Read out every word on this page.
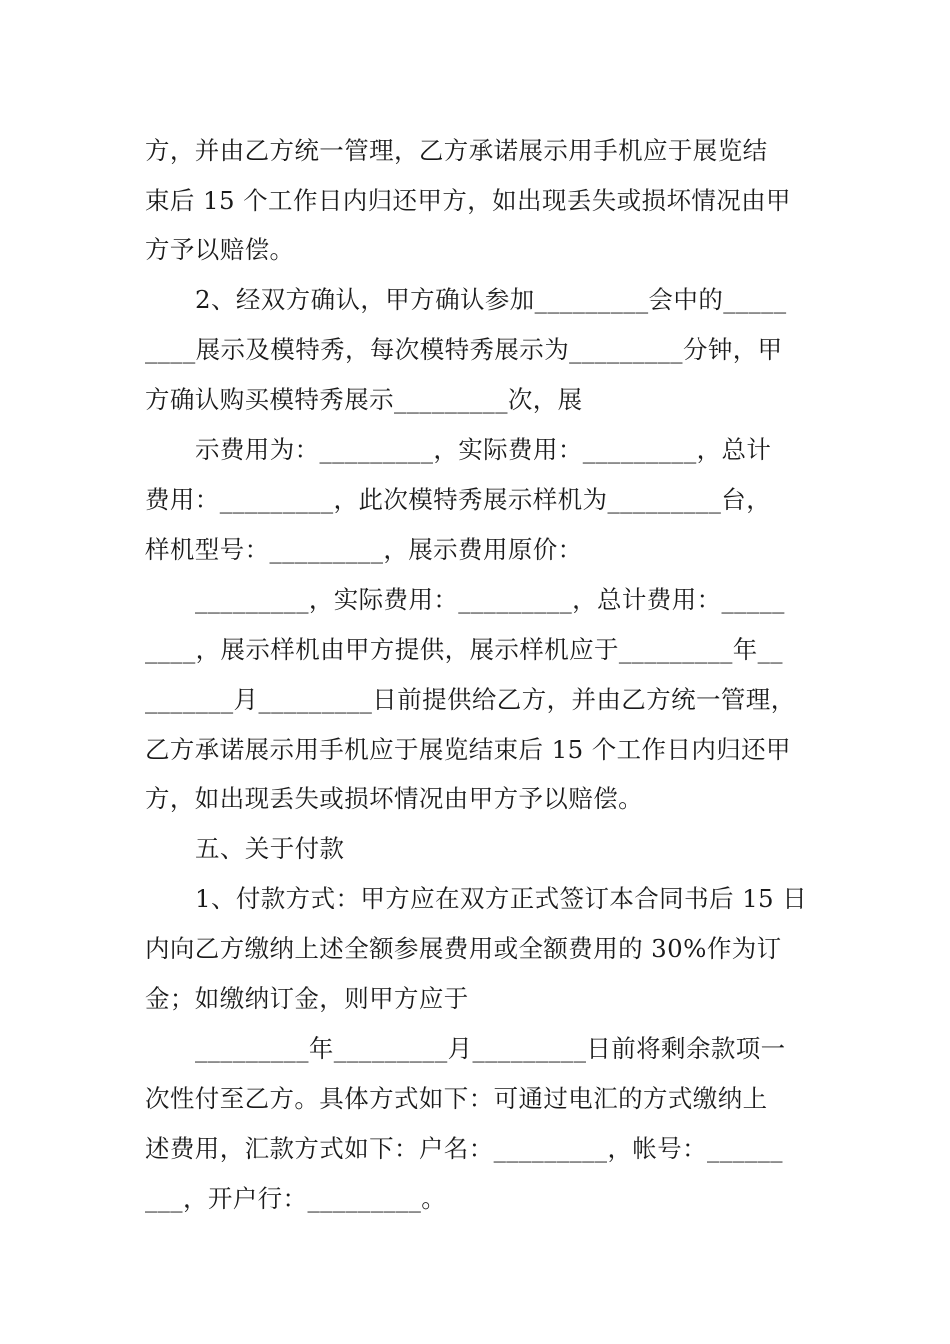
方，并由乙方统一管理，乙方承诺展示用手机应于展览结
束后 15 个工作日内归还甲方，如出现丢失或损坏情况由甲
方予以赔偿。
2、经双方确认，甲方确认参加_________会中的_____
____展示及模特秀，每次模特秀展示为_________分钟，甲
方确认购买模特秀展示_________次，展
示费用为：_________，实际费用：_________，总计
费用：_________，此次模特秀展示样机为_________台，
样机型号：_________，展示费用原价：
_________，实际费用：_________，总计费用：_____
____，展示样机由甲方提供，展示样机应于_________年__
_______月_________日前提供给乙方，并由乙方统一管理，
乙方承诺展示用手机应于展览结束后 15 个工作日内归还甲
方，如出现丢失或损坏情况由甲方予以赔偿。
五、关于付款
1、付款方式：甲方应在双方正式签订本合同书后 15 日
内向乙方缴纳上述全额参展费用或全额费用的 30%作为订
金；如缴纳订金，则甲方应于
_________年_________月_________日前将剩余款项一
次性付至乙方。具体方式如下：可通过电汇的方式缴纳上
述费用，汇款方式如下：户名：_________，帐号：______
___，开户行：_________。
